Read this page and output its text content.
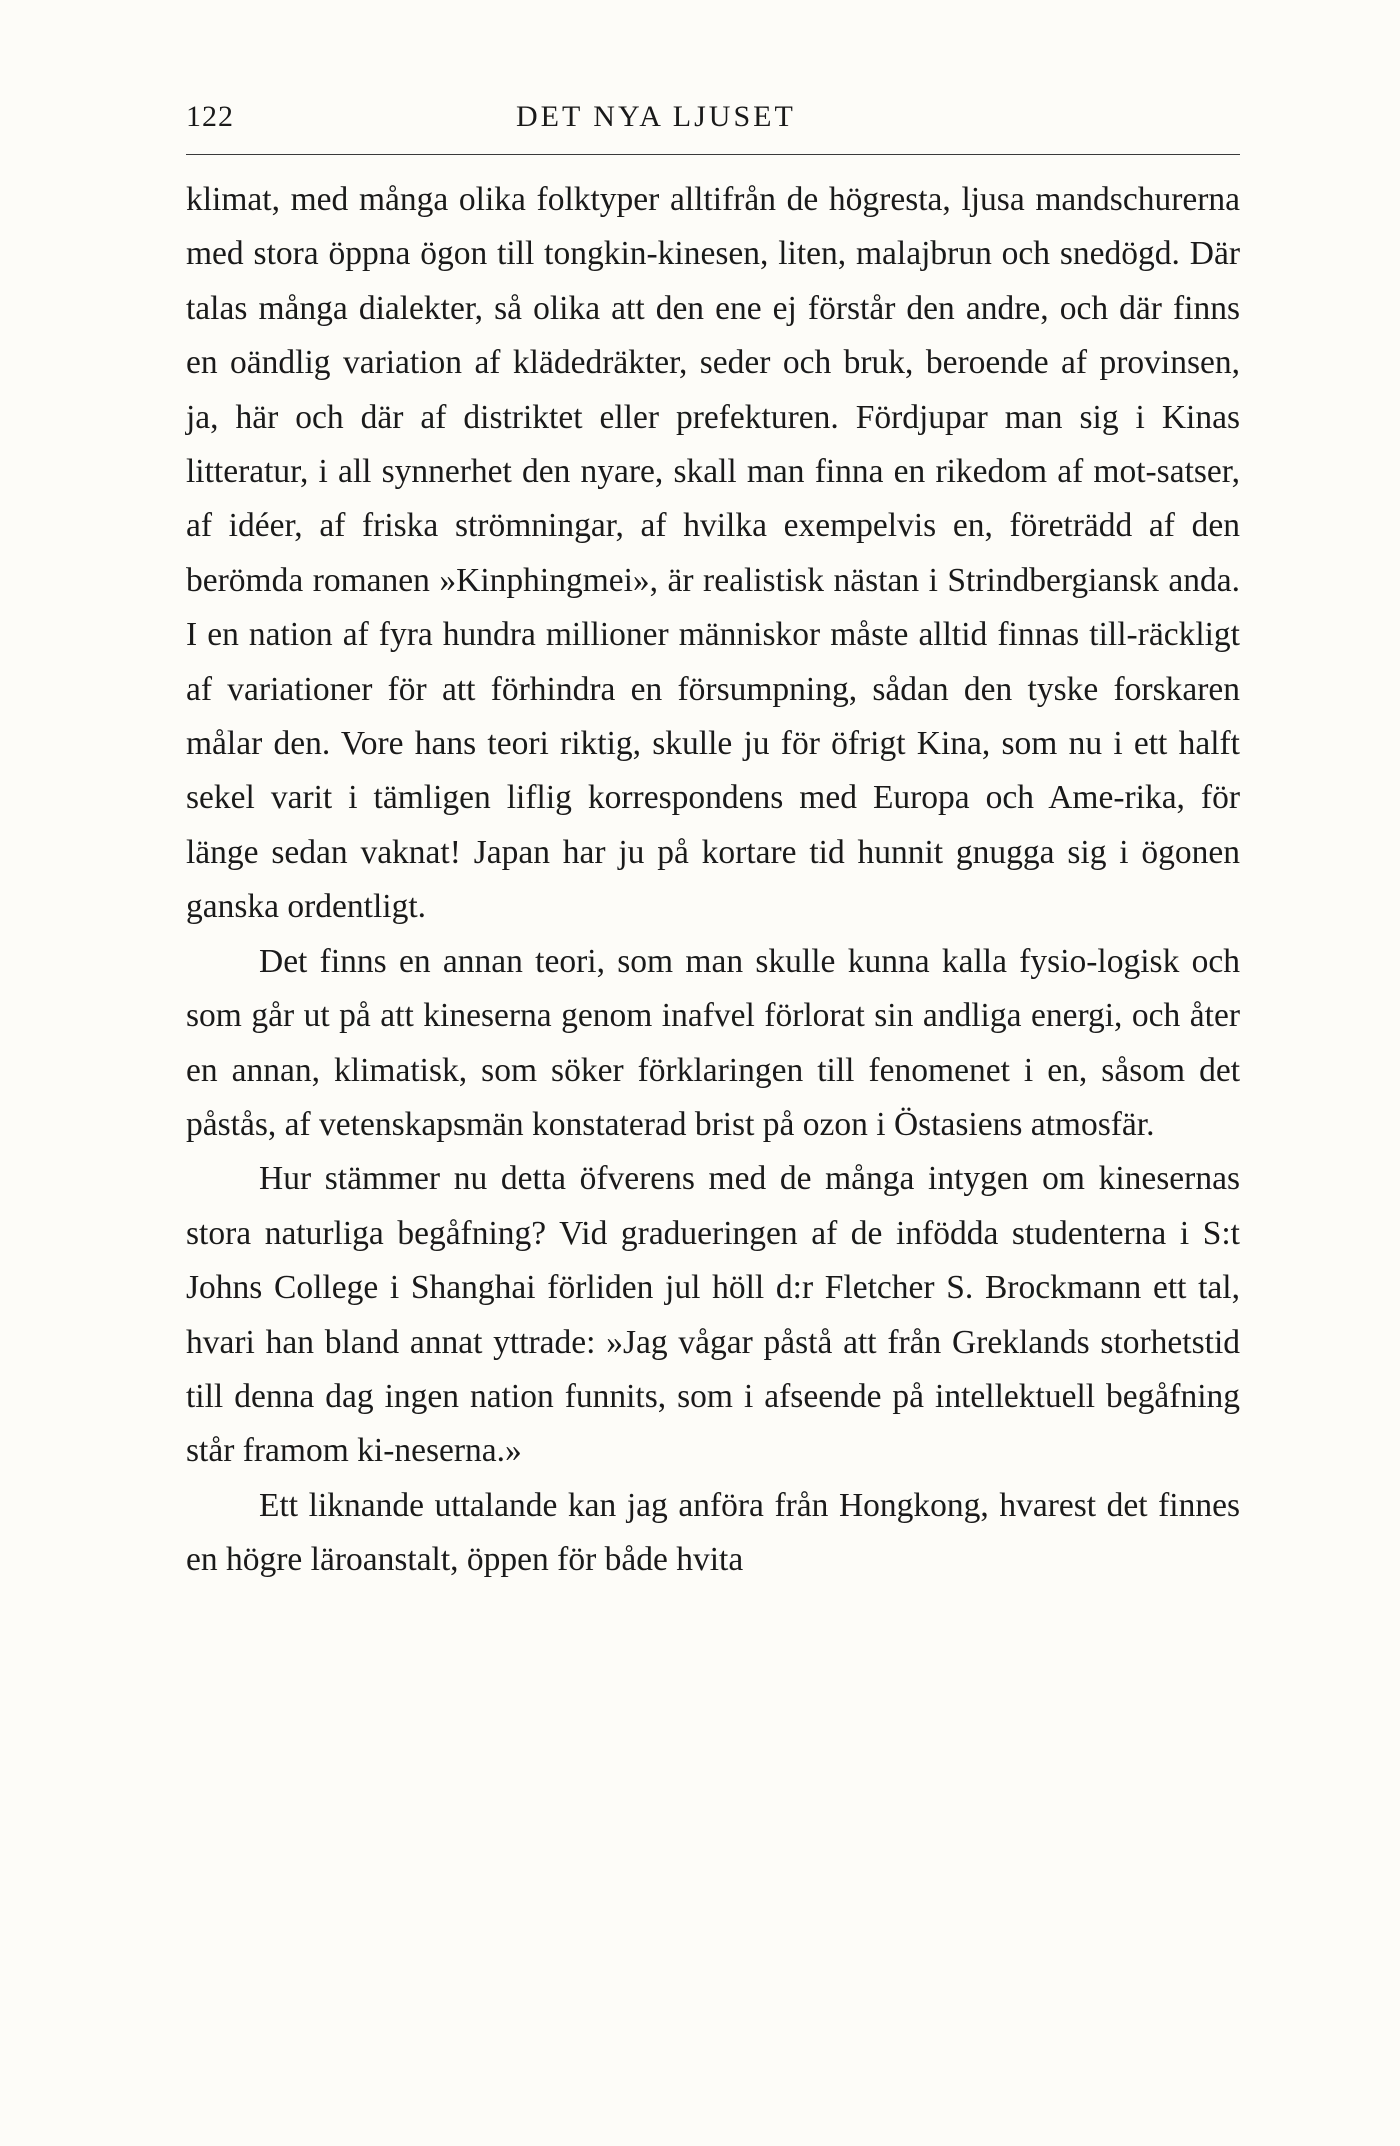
122	DET NYA LJUSET

klimat, med många olika folktyper alltifrån de högresta, ljusa mandschurerna med stora öppna ögon till tongkin-kinesen, liten, malajbrun och snedögd. Där talas många dialekter, så olika att den ene ej förstår den andre, och där finns en oändlig variation af klädedräkter, seder och bruk, beroende af provinsen, ja, här och där af distriktet eller prefekturen. Fördjupar man sig i Kinas litteratur, i all synnerhet den nyare, skall man finna en rikedom af mot-satser, af idéer, af friska strömningar, af hvilka exempelvis en, företrädd af den berömda romanen »Kinphingmei», är realistisk nästan i Strindbergiansk anda. I en nation af fyra hundra millioner människor måste alltid finnas till-räckligt af variationer för att förhindra en försumpning, sådan den tyske forskaren målar den. Vore hans teori riktig, skulle ju för öfrigt Kina, som nu i ett halft sekel varit i tämligen liflig korrespondens med Europa och Ame-rika, för länge sedan vaknat! Japan har ju på kortare tid hunnit gnugga sig i ögonen ganska ordentligt.

Det finns en annan teori, som man skulle kunna kalla fysio-logisk och som går ut på att kineserna genom inafvel förlorat sin andliga energi, och åter en annan, klimatisk, som söker förklaringen till fenomenet i en, såsom det påstås, af vetenskapsmän konstaterad brist på ozon i Östasiens atmosfär.

Hur stämmer nu detta öfverens med de många intygen om kinesernas stora naturliga begåfning? Vid gradueringen af de infödda studenterna i S:t Johns College i Shanghai förliden jul höll d:r Fletcher S. Brockmann ett tal, hvari han bland annat yttrade: »Jag vågar påstå att från Greklands storhetstid till denna dag ingen nation funnits, som i afseende på intellektuell begåfning står framom ki-neserna.»

Ett liknande uttalande kan jag anföra från Hongkong, hvarest det finnes en högre läroanstalt, öppen för både hvita
